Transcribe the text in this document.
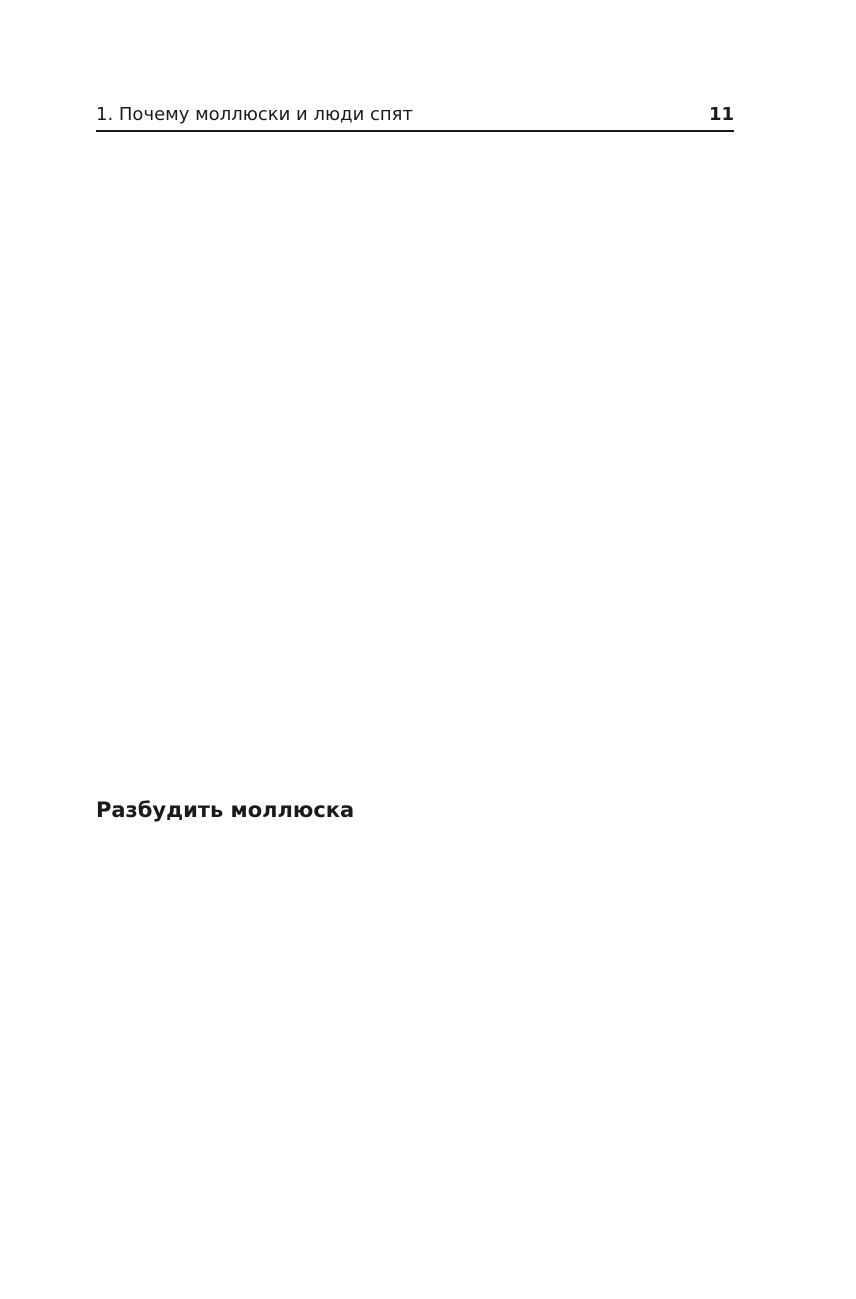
1. Почему моллюски и люди спят	11
Разбудить моллюска
